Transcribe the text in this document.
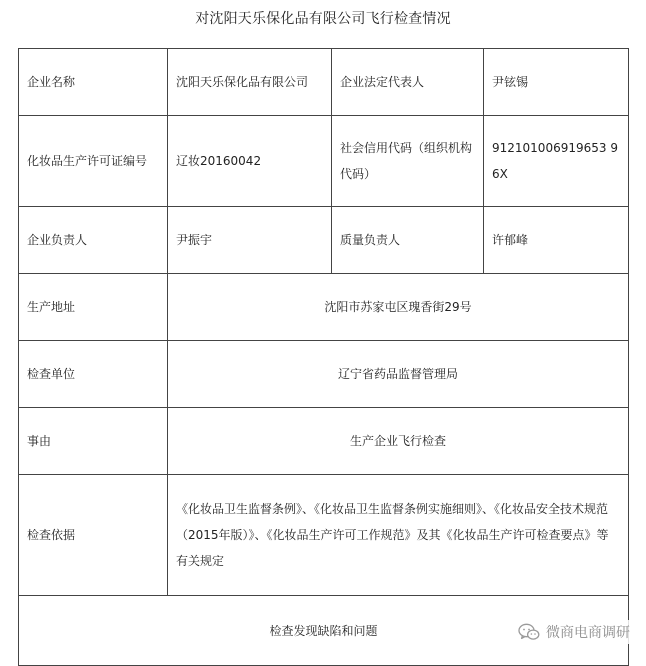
对沈阳天乐保化品有限公司飞行检查情况
企业名称	沈阳天乐保化品有限公司	企业法定代表人	尹铉锡
化妆品生产许可证编号	辽妆20160042	社会信用代码（组织机构代码）	912101006919653 96X
企业负责人	尹振宇	质量负责人	许郁峰
生产地址	沈阳市苏家屯区瑰香街29号		
检查单位	辽宁省药品监督管理局		
事由	生产企业飞行检查		
检查依据	《化妆品卫生监督条例》、《化妆品卫生监督条例实施细则》、《化妆品安全技术规范（2015年版）》、《化妆品生产许可工作规范》及其《化妆品生产许可检查要点》等有关规定		
检查发现缺陷和问题				微商电商调研
